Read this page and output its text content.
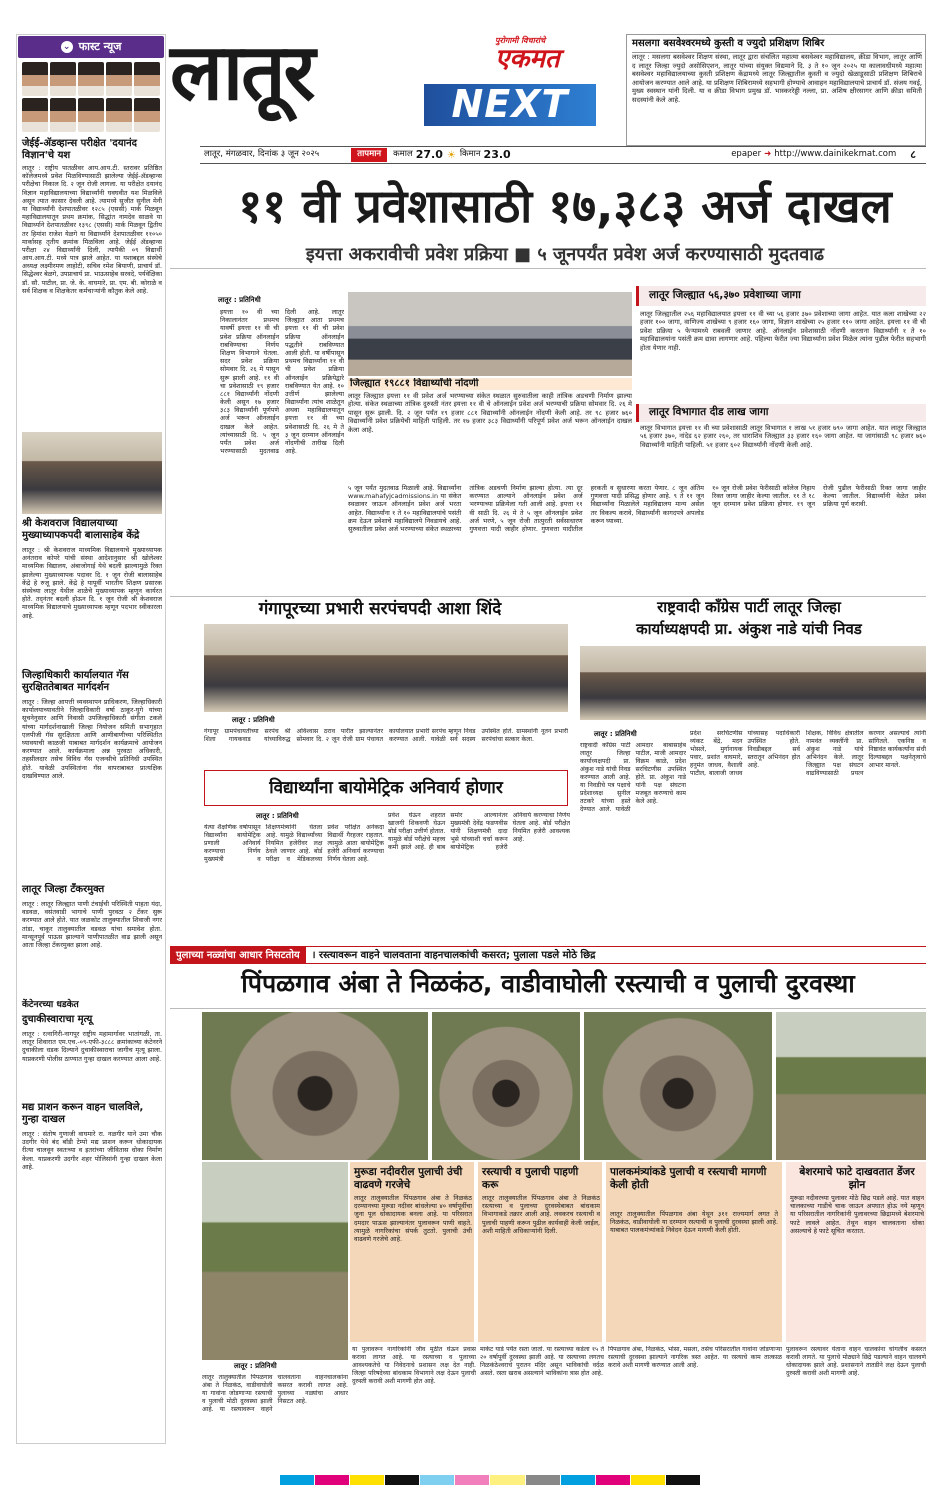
⌄ फास्ट न्यूज
जेईई-ॲडव्हान्स परीक्षेत 'दयानंद विज्ञान'चे यश
लातूर : राष्ट्रीय पातळीवर आय.आय.टी. स्तरावर प्रतिष्ठित कॉलेजमध्ये प्रवेश मिळविण्यासाठी झालेल्या जेईई-ॲडव्हान्स परीक्षेचा निकाल दि. २ जून रोजी लागला. या परीक्षेत दयानंद विज्ञान महाविद्यालयाच्या विद्यार्थ्यांनी घवघवीत यश मिळविले असून त्यात कासार देवली आहे. त्यामध्ये सुजीत सुनील मेनी या विद्यार्थ्यांनी देशपातळीवर १२८५ (एससी) मार्क मिळवून महाविद्यालयातून प्रथम क्रमांक, सिद्धांत नामदेव साळवे या विद्यार्थ्याने देशपातळीवर १३९८ (एससी) मार्क मिळवून द्वितीय तर हिमांश राजेश येळगे या विद्यार्थ्यांने देशपातळीवर ११०५० मार्कासह तृतीय क्रमांक मिळविला आहे. जेईई ॲडव्हान्स परीक्षा २४ विद्यार्थ्यांनी दिली, त्यापैकी ०९ विद्यार्थी आय.आय.टी. मध्ये पात्र झाले आहेत. या यशाबद्दल संस्थेचे अध्यक्ष लक्ष्मीरमण लाहोटी, सचिव रमेश बियाणी, प्राचार्य डॉ. सिद्धेश्वर बेळगे, उपप्राचार्य प्रा. भाऊसाहेब सरवदे, पर्यवेक्षिका डॉ. सौ. पाटील, प्रा. जे. के. वाघमारे, प्रा. एम. बी. कोराळे व सर्व शिक्षक व शिक्षकेतर कर्मचाऱ्यांनी कौतुक केले आहे.
श्री केशवराज विद्यालयाच्या मुख्याध्यापकपदी बालासाहेब केंद्रे
लातूर : श्री केशवराज माध्यमिक विद्यालयाचे मुख्याध्यापक अनंतराव कोपरे यांची संस्था आदेशानुसार श्री खोलेश्वर माध्यमिक विद्यालय, अंबाजोगाई येथे बदली झाल्यामुळे रिक्त झालेल्या मुख्याध्यापक पदावर दि. १ जून रोजी बालासाहेब केंद्रे हे रुजू झाले. केंद्रे हे यापूर्वी भारतीय शिक्षण प्रसारक संस्थेच्या लातूर येथील शाळेचे मुख्याध्यापक म्हणून कार्यरत होते. तद्नंतर बदली होऊन दि. १ जून रोजी श्री केशवराज माध्यमिक विद्यालयाचे मुख्याध्यापक म्हणून पदभार स्वीकारला आहे.
जिल्हाधिकारी कार्यालयात गॅस सुरक्षिततेबाबत मार्गदर्शन
लातूर : जिल्हा आपत्ती व्यवस्थापन प्राधिकरण, जिल्हाधिकारी कार्यालयाच्यावतीने जिल्हाधिकारी वर्षा ठाकूर-घुगे यांच्या सूचनेनुसार आणि निवासी उपजिल्हाधिकारी संगीता टकले यांच्या मार्गदर्शनाखाली जिल्हा नियोजन समिती सभागृहात एलपीजी गॅस सुरक्षितता आणि आणीबाणीच्या परिस्थितीत घ्यावयाची काळजी याबाबत मार्गदर्शन कार्यक्रमाचे आयोजन करण्यात आले. कार्यक्रमाला अन्न पुरवठा अधिकारी, तहसीलदार तसेच विविध गॅस एजन्सीचे प्रतिनिधी उपस्थित होते. यावेळी उपस्थितांना गॅस वापराबाबत प्रात्यक्षिक दाखविण्यात आले.
लातूर जिल्हा टँकरमुक्त
लातूर : लातूर जिल्ह्यात पाणी टंचाईची परिस्थिती पाहता यंदा, वडवळ, वसंतवाडी भागाचे पाणी पुरवठा २ टँकर सुरू करण्यात आले होते. यात जळकोट तालुक्यातील शिवाजी नगर तांडा, चाकूर तालुक्यातील वडवळ यांचा समावेश होता. मान्सूनपूर्व पाऊस झाल्याने पाणीपातळीत वाढ झाली असून आता जिल्हा टँकरमुक्त झाला आहे.
केंटेनरच्या धडकेत
दुचाकीस्वाराचा मृत्यू
लातूर : रत्नागिरी-नागपूर राष्ट्रीय महामार्गावर भातांगळी, ता. लातूर शिवारात एम.एच.-०९-एफी-३८८८ क्रमांकाच्या कंटेनरने दुचाकीला धडक दिल्याने दुचाकीस्वाराचा जागीच मृत्यू झाला. याप्रकरणी पोलीस ठाण्यात गुन्हा दाखल करण्यात आला आहे.
मद्य प्राशन करून वाहन चालविले, गुन्हा दाखल
लातूर : संतोष गुणाजी वाघमारे रा. नळगीर याने उमा चौक उदगीर येथे बंद बॉडी टेम्पो मद्य प्राशन करून धोकादायक रीत्या चालवून स्वतःच्या व इतरांच्या जीवितास धोका निर्माण केला. याप्रकरणी उदगीर शहर पोलिसांनी गुन्हा दाखल केला आहे.
लातूर	पुरोगामी विचारांचे
एकमत
NEXT
मसलगा बसवेश्वरमध्ये कुस्ती व ज्युदो प्रशिक्षण शिबिर
लातूर : मसलगा बसवेश्वर शिक्षण संस्था, लातूर द्वारा संचलित महात्मा बसवेश्वर महाविद्यालय, क्रीडा विभाग, लातूर आणि द लातूर जिल्हा ज्युदो असोसिएशन, लातूर यांच्या संयुक्त विद्यमाने दि. ३ ते १० जून २०२५ या कालावधीमध्ये महात्मा बसवेश्वर महाविद्यालयाच्या कुस्ती प्रशिक्षण केंद्रामध्ये लातूर जिल्ह्यातील कुस्ती व ज्युदो खेळाडूसाठी प्रशिक्षण शिबिराचे आयोजन करण्यात आले आहे. या प्रशिक्षण शिबिरामध्ये सहभागी होण्याचे आवाहन महाविद्यालयाचे प्राचार्य डॉ. संजय गवई, मुख्य स्वस्थान यांनी दिली. या व क्रीडा विभाग प्रमुख डॉ. भास्कररेड्डी नल्ला, प्रा. अशिष क्षीरसागर आणि क्रीडा समिती सदस्यांनी केले आहे.
लातूर, मंगळवार, दिनांक ३ जून २०२५	तापमान	कमाल 27.0 ☀ किमान 23.0	epaper ➜ http://www.dainikekmat.com ८
११ वी प्रवेशासाठी १७,३८३ अर्ज दाखल
इयत्ता अकरावीची प्रवेश प्रक्रिया ■ ५ जूनपर्यंत प्रवेश अर्ज करण्यासाठी मुदतवाढ
लातूर : प्रतिनिधी
इयत्ता १० वी च्या निकालानंतर प्रथमच यावर्षी इयत्ता ११ वी ची प्रवेश प्रक्रिया ऑनलाईन राबविण्याचा निर्णय शिक्षण विभागाने घेतला. सदर प्रवेश प्रक्रिया सोमवार दि. २६ मे पासून सुरू झाली आहे. ११ वी चा प्रवेशासाठी १९ हजार ८८१ विद्यार्थ्यांनी नोंदणी केली असून १७ हजार ३८३ विद्यार्थ्यांनी पूर्णपणे अर्ज भरून ऑनलाईन दाखल केले आहेत. त्यांच्यासाठी दि. ५ जून पर्यंत प्रवेश अर्ज भरण्यासाठी मुदतवाढ दिली आहे. लातूर जिल्ह्यात आता प्रथमच इयत्ता ११ वी ची प्रवेश प्रक्रिया ऑनलाईन पद्धतीने राबविण्यात आली होती. या वर्षीपासून प्रथमच विद्यार्थ्यांना ११ वी ची प्रवेश प्रक्रिया ऑनलाईन प्रक्रियेद्वारे राबविण्यात येत आहे. १० उत्तीर्ण झालेल्या विद्यार्थ्यांना त्यांच शाळेतून अथवा महाविद्यालयातून इयत्ता ११ वी च्या प्रवेशासाठी दि. २६ मे ते ३ जून दरम्यान ऑनलाईन नोंदणीची तारीख दिली आहे.
जिल्ह्यात १९८८१ विद्यार्थ्यांची नोंदणी
लातूर जिल्ह्यात इयत्ता ११ वी प्रवेश अर्ज भरण्याच्या संकेत स्थळात सुरुवातीला काही तांत्रिक अडचणी निर्माण झाल्या होत्या. संकेत स्थळाच्या तांत्रिक दुरुस्ती नंतर इयत्ता ११ वी चे ऑनलाईन प्रवेश अर्ज भरण्याची प्रक्रिया सोमवार दि. २६ मे पासून सुरू झाली. दि. २ जून पर्यंत १९ हजार ८८१ विद्यार्थ्यांनी ऑनलाईन नोंदणी केली आहे. तर ९८ हजार ७६० विद्यार्थ्यांनी प्रवेश प्रक्रियेची माहिती पाहिली. तर १७ हजार ३८३ विद्यार्थ्यांनी परिपूर्ण प्रवेश अर्ज भरून ऑनलाईन दाखल केला आहे.
५ जून पर्यंत मुदतवाढ मिळाली आहे. विद्यार्थ्यांना www.mahafyjcadmissions.in या संकेत स्थळावर जाऊन ऑनलाईन प्रवेश अर्ज भरता आहेत. विद्यार्थ्यांना १ ते १० महाविद्यालयांचे पसंती क्रम देऊन प्रवेशाचे महाविद्यालये निवडायचे आहे. सुरुवातीला प्रवेश अर्ज भरण्याच्या संकेत स्थळाच्या तांत्रिक अडचणी निर्माण झाल्या होत्या. त्या दूर करण्यात आल्याने ऑनलाईन प्रवेश अर्ज भरण्याच्या प्रक्रियेला गती आली आहे. इयत्ता ११ वी साठी दि. २६ मे ते ५ जून ऑनलाईन प्रवेश अर्ज भरणे, ५ जून रोजी तात्पुरती सर्वसाधारण गुणवत्ता यादी जाहीर होणार. गुणवत्ता यादीतील हरकती व सुधारणा करता येणार. ८ जून अंतिम गुणवत्ता यादी प्रसिद्ध होणार आहे. ९ ते ११ जून विद्यार्थ्यांना मिळालेले महाविद्यालय मान्य असेल तर विकल्प करावे, विद्यार्थ्यांनी कागदपत्रे अपलोड करून घ्याव्या.
१० जून रोजी प्रवेश फेरीसाठी कॉलेज निहाय रिक्त जागा जाहीर केल्या जातील. ११ ते १८ जून दरम्यान प्रवेश प्रक्रिया होणार. १९ जून रोजी पुढील फेरीसाठी रिक्त जागा जाहीर केल्या जातील. विद्यार्थ्यांनी वेळेत प्रवेश प्रक्रिया पूर्ण करावी.
लातूर जिल्ह्यात ५६,३७० प्रवेशाच्या जागा
लातूर जिल्ह्यातील २५६ महाविद्यालयात इयत्ता ११ वी च्या ५६ हजार ३७० प्रवेशाच्या जागा आहेत. यात कला शाखेच्या २२ हजार १०० जागा, वाणिज्य शाखेच्या ९ हजार १६० जागा, विज्ञान शाखेच्या २५ हजार ११० जागा आहेत. इयत्ता ११ वी ची प्रवेश प्रक्रिया ५ फेऱ्यामध्ये राबवली जाणार आहे. ऑनलाईन प्रवेशासाठी नोंदणी करताना विद्यार्थ्यांनी १ ते १० महाविद्यालयांना पसंती क्रम द्यावा लागणार आहे. पहिल्या फेरीत ज्या विद्यार्थ्यांना प्रवेश मिळेल त्यांना पुढील फेरीत सहभागी होता येणार नाही.
लातूर विभागात दीड लाख जागा
लातूर विभागात इयत्ता ११ वी च्या प्रवेशासाठी लातूर विभागात १ लाख ५१ हजार ७९० जागा आहेत. यात लातूर जिल्ह्यात ५६ हजार ३७०, नांदेड ६२ हजार २६०, तर धाराशिव जिल्ह्यात ३३ हजार १६० जागा आहेत. या जागांसाठी ९८ हजार ७६० विद्यार्थ्यांनी माहिती पाहिली. ५१ हजार ६०२ विद्यार्थ्यांनी नोंदणी केली आहे.
गंगापूरच्या प्रभारी सरपंचपदी आशा शिंदे
लातूर : प्रतिनिधी
गंगापूर ग्रामपंचायतीच्या सरपंच श्री शिला गायकवाड यांच्याविरुद्ध अविश्वास ठराव पारीत झाल्यानंतर सोमवार दि. २ जून रोजी ग्राम पंचायत कार्यालयात प्रभारी सरपंच म्हणून निवड करण्यात आली. यावेळी सर्व सदस्य उपस्थित होते. ग्रामस्थांनी नूतन प्रभारी सरपंचांचा सत्कार केला.
राष्ट्रवादी काँग्रेस पार्टी लातूर जिल्हा
कार्याध्यक्षपदी प्रा. अंकुश नाडे यांची निवड
लातूर : प्रतिनिधी
राष्ट्रवादी काँग्रेस पार्टी लातूर जिल्हा कार्याध्यक्षपदी प्रा. अंकुश नाडे यांची निवड करण्यात आली आहे. या निवडीचे पत्र पक्षाचे प्रदेशाध्यक्ष सुनील तटकरे यांच्या हस्ते देण्यात आले. यावेळी आमदार बाबासाहेब पाटील, माजी आमदार विक्रम काळे, प्रदेश सरचिटणीस उपस्थित होते. प्रा. अंकुश नाडे यांनी पक्ष संघटना मजबूत करण्याचे काम केले आहे.
प्रदेश सरचिटणीस व्यंकट बेंद्रे, मदन भोसले, मुर्गानायक पवार, प्रशांत वाघमारे, हनुमंत जाधव, वैशाली पाटील, बालाजी जाधव यांच्यासह पदाधिकारी उपस्थित होते. निवडीबद्दल सर्व स्तरातून अभिनंदन होत आहे.
शिक्षक, विविध क्षेत्रातील नामवंत व्यक्तींनी प्रा. अंकुश नाडे यांचे अभिनंदन केले. लातूर जिल्ह्यात पक्ष संघटन वाढविण्यासाठी प्रयत्न करणार असल्याचे त्यांनी सांगितले. एकनिष्ठ व निष्ठावंत कार्यकर्त्यांना संधी दिल्याबद्दल पक्षनेतृत्वाचे आभार मानले.
विद्यार्थ्यांना बायोमेट्रिक अनिवार्य होणार
लातूर : प्रतिनिधी
येत्या शैक्षणिक वर्षापासून विद्यार्थ्यांना बायोमेट्रिक प्रणाली अनिवार्य करण्याचा निर्णय मुख्यमंत्री व शिक्षणमंत्र्यांनी घेतला आहे. यामुळे विद्यार्थ्यांच्या नियमित हजेरीवर लक्ष ठेवले जाणार आहे. बोर्ड परीक्षा व मेडिकलच्या प्रवेश परीक्षेत अनेकदा विद्यार्थी गैरहजर राहतात. त्यामुळे आता बायोमेट्रिक हजेरी अनिवार्य करण्याचा निर्णय घेतला आहे.
प्रवेश घेऊन शहरात खाजगी शिकवणी घेऊन बोर्ड परीक्षा उत्तीर्ण होतात. यामुळे बोर्ड परीक्षेचे महत्त्व कमी झाले आहे. ही बाब समोर आल्यानंतर मुख्यमंत्री देवेंद्र फडणवीस यांनी शिक्षणमंत्री दादा भुसे यांच्याशी चर्चा करून बायोमेट्रिक हजेरी अनिवार्य करण्याचा निर्णय घेतला आहे. बोर्ड परीक्षेत नियमित हजेरी आवश्यक आहे.
पुलाच्या नळ्यांचा आधार निसटतोय	। रस्त्यावरून वाहने चालवताना वाहनचालकांची कसरत; पुलाला पडले मोठे छिद्र
पिंपळगाव अंबा ते निळकंठ, वाडीवाघोली रस्त्याची व पुलाची दुरवस्था
लातूर : प्रतिनिधी
मुरूडा नदीवरील पुलाची उंची वाढवणे गरजेचे
लातूर तालुक्यातील पिंपळगाव अंबा ते निळकंठ दरम्यानच्या मुरूडा नदीवर बांधलेल्या ४० वर्षापूर्वीचा जुना पूल धोकादायक बनला आहे. या परिसरात दमदार पाऊस झाल्यानंतर पुलावरून पाणी वाहते. त्यामुळे नागरिकांचा संपर्क तुटतो. पुलाची उंची वाढवणे गरजेचे आहे.
रस्त्याची व पुलाची पाहणी करू
लातूर तालुक्यातील पिंपळगाव अंबा ते निळकंठ रस्त्याच्या व पुलाच्या दुरवस्थेबाबत बांधकाम विभागाकडे तक्रार आली आहे. लवकरच रस्त्याची व पुलाची पाहणी करून पुढील कार्यवाही केली जाईल, अशी माहिती अधिकाऱ्यांनी दिली.
पालकमंत्र्यांकडे पुलाची व रस्त्याची मागणी केली होती
लातूर तालुक्यातील पिंपळगाव अंबा येथून ३११ राज्यमार्ग लगत ते निळकंठ, वाडीवाघोली या दरम्यान रस्त्याची व पुलाची दुरवस्था झाली आहे. याबाबत पालकमंत्र्यांकडे निवेदन देऊन मागणी केली होती.
बेशरमाचे फाटे दाखवतात डेंजर झोन
मुरूडा नदीवरच्या पुलावर मोठे छिद्र पडले आहे. यात वाहन चालकाच्या गाडीचे चाक जाऊन अपघात होऊ नये म्हणून या परिसरातील नागरिकांनी पुलावरच्या छिद्रामध्ये बेशरमाचे फाटे लावले आहेत. तेथून वाहन चालवताना धोका असल्याचे हे फाटे सूचित करतात.
लातूर तालुक्यातील पिंपळगाव अंबा ते निळकंठ, वाडीवाघोली या गावांना जोडणाऱ्या रस्त्याची व पुलाची मोठी दुरवस्था झाली आहे. या रस्त्यावरून वाहने चालवताना वाहनचालकांना कसरत करावी लागत आहे. पुलाच्या नळ्यांचा आधार निसटत आहे.
या पुलावरून नागरिकांनी जीव मुठीत घेऊन प्रवास करावा लागत आहे. या रस्त्याच्या व पुलाच्या आवश्यकतेचे या निवेदनाचे प्रशासन लक्ष देत नाही. जिल्हा परिषदेच्या बांधकाम विभागाने लक्ष देऊन पुलाची दुरुस्ती करावी अशी मागणी होत आहे.
मार्केट यार्ड पर्यंत रस्ता जातो. या रस्त्याच्या कडेला १५ ते २० वर्षापूर्वी दुरवस्था झाली आहे. या रस्त्याच्या लगतच निळकंठेश्वराचे पुरातन मंदिर असून भाविकांची वर्दळ असते. रस्ता खराब असल्याने भाविकांना त्रास होत आहे.
पिंपळगाव अंबा, निळकंठ, भोसा, मसला, तसेच परिसरातील गावांना जोडणाऱ्या रस्त्याची दुरवस्था झाल्याने नागरिक त्रस्त आहेत. या रस्त्याचे काम तात्काळ करावे अशी मागणी करण्यात आली आहे.
पुलावरून रस्त्यावर येताना वाहन चालकांना चांगलीच कसरत करावी लागते. या पुलाचे मोठ्याने छिद्रे पडल्याने वाहन चालवणे धोकादायक झाले आहे. प्रशासनाने तातडीने लक्ष देऊन पुलाची दुरुस्ती करावी अशी मागणी आहे.
